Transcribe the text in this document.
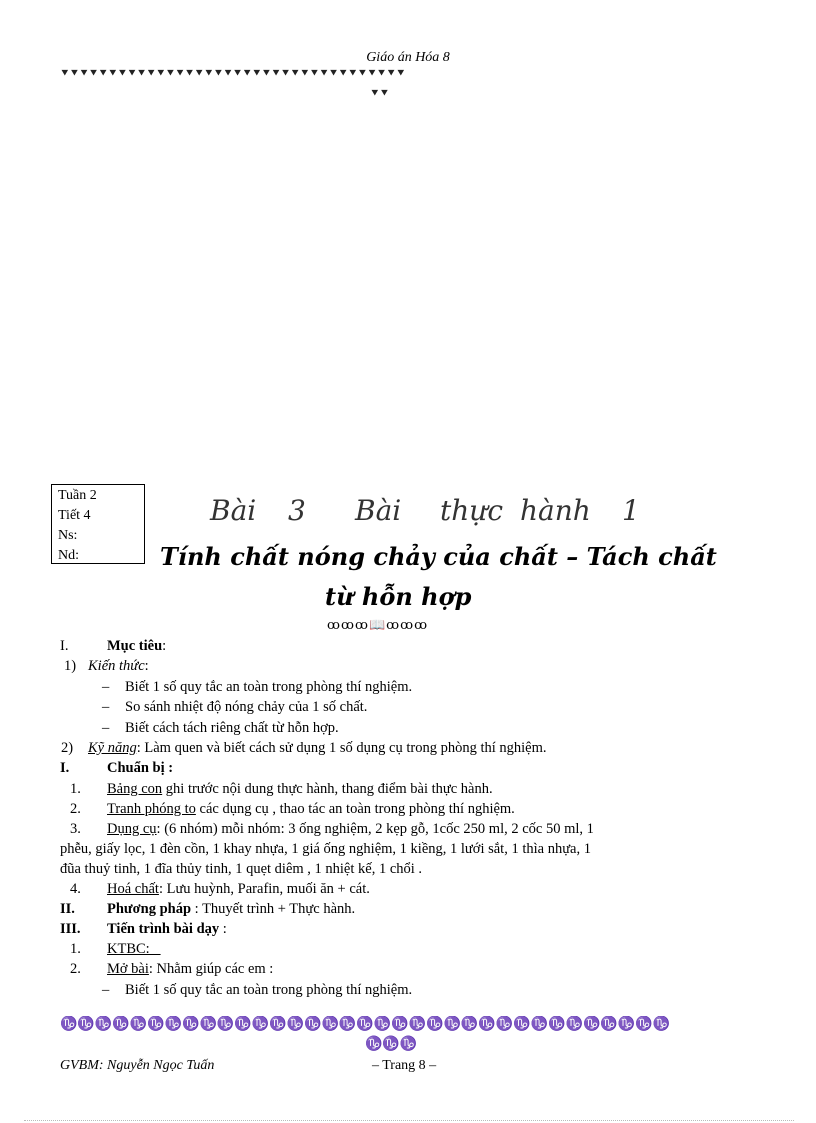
Giáo án Hóa 8
⯆⯆⯆⯆⯆⯆⯆⯆⯆⯆⯆⯆⯆⯆⯆⯆⯆⯆⯆⯆⯆⯆⯆⯆⯆⯆⯆⯆⯆⯆⯆⯆⯆⯆⯆⯆
⯆⯆
Tuần 2
Tiết 4
Ns:
Nd:
Bài 3 Bài thực hành 1
Tính chất nóng chảy của chất – Tách chất
từ hỗn hợp
ꝏꝏꝏ📖ꝏꝏꝏ
I.	Mục tiêu:
1) Kiến thức:
– Biết 1 số quy tắc an toàn trong phòng thí nghiệm.
– So sánh nhiệt độ nóng chảy của 1 số chất.
– Biết cách tách riêng chất từ hỗn hợp.
2) Kỹ năng: Làm quen và biết cách sử dụng 1 số dụng cụ trong phòng thí nghiệm.
I.	Chuẩn bị :
1. Bảng con ghi trước nội dung thực hành, thang điểm bài thực hành.
2. Tranh phóng to các dụng cụ , thao tác an toàn trong phòng thí nghiệm.
3. Dụng cụ: (6 nhóm) mỗi nhóm: 3 ống nghiệm, 2 kẹp gỗ, 1cốc 250 ml, 2 cốc 50 ml, 1
phễu, giấy lọc, 1 đèn cồn, 1 khay nhựa, 1 giá ống nghiệm, 1 kiềng, 1 lưới sắt, 1 thìa nhựa, 1
đũa thuỷ tinh, 1 đĩa thủy tinh, 1 quẹt diêm , 1 nhiệt kế, 1 chổi .
4. Hoá chất: Lưu huỳnh, Parafin, muối ăn + cát.
II. Phương pháp : Thuyết trình + Thực hành.
III. Tiến trình bài dạy :
1. KTBC:
2. Mở bài: Nhằm giúp các em :
– Biết 1 số quy tắc an toàn trong phòng thí nghiệm.
♑♑♑♑♑♑♑♑♑♑♑♑♑♑♑♑♑♑♑♑♑♑♑♑♑♑♑♑♑♑♑♑♑♑♑
♑♑♑
GVBM: Nguyễn Ngọc Tuấn	– Trang 8 –
